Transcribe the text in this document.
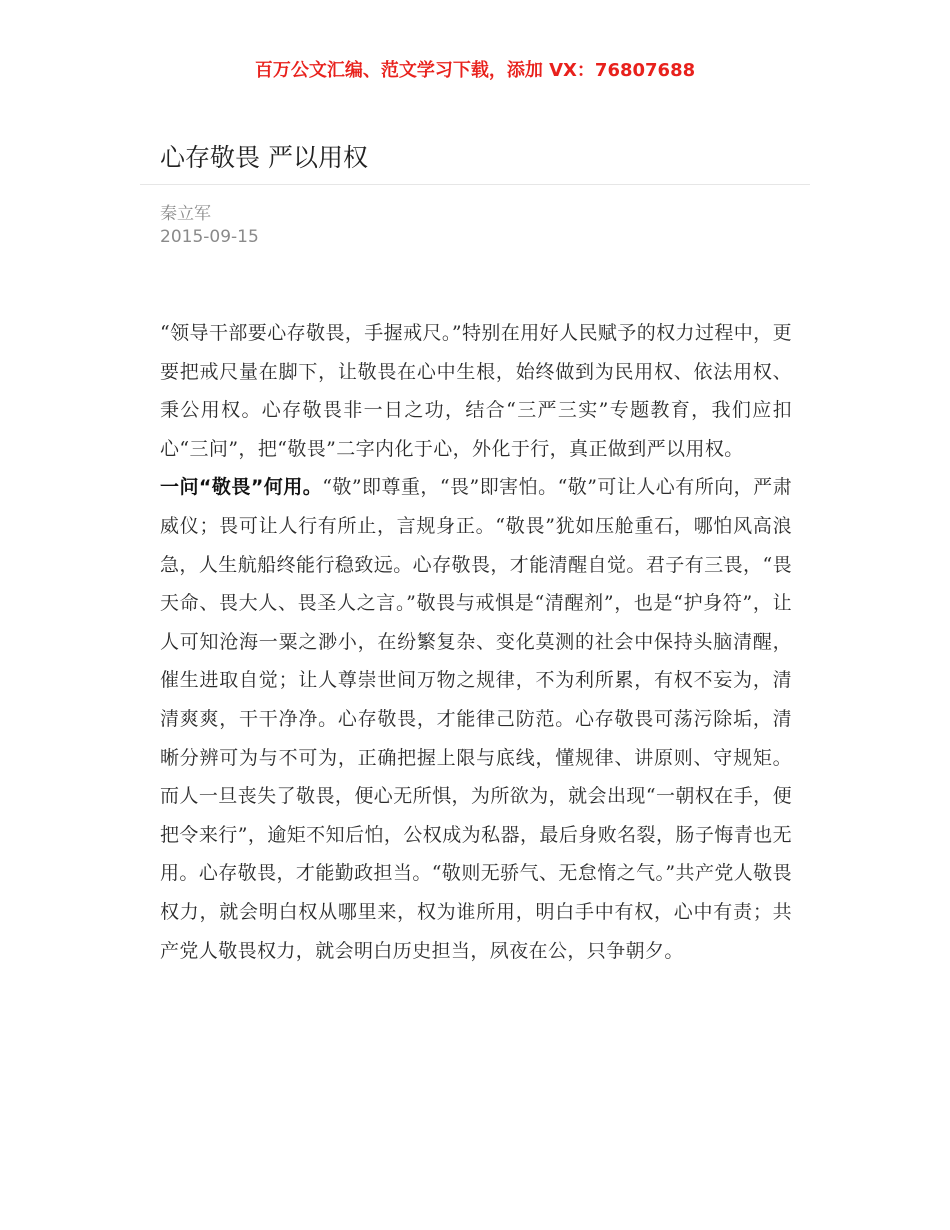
百万公文汇编、范文学习下载，添加 VX：76807688
心存敬畏 严以用权
秦立军
2015-09-15

“领导干部要心存敬畏，手握戒尺。”特别在用好人民赋予的权力过程中，更要把戒尺量在脚下，让敬畏在心中生根，始终做到为民用权、依法用权、秉公用权。心存敬畏非一日之功，结合“三严三实”专题教育，我们应扣心“三问”，把“敬畏”二字内化于心，外化于行，真正做到严以用权。

一问“敬畏”何用。“敬”即尊重，“畏”即害怕。“敬”可让人心有所向，严肃威仪；畏可让人行有所止，言规身正。“敬畏”犹如压舱重石，哪怕风高浪急，人生航船终能行稳致远。心存敬畏，才能清醒自觉。君子有三畏，“畏天命、畏大人、畏圣人之言。”敬畏与戒惧是“清醒剂”，也是“护身符”，让人可知沧海一粟之渺小，在纷繁复杂、变化莫测的社会中保持头脑清醒，催生进取自觉；让人尊崇世间万物之规律，不为利所累，有权不妄为，清清爽爽，干干净净。心存敬畏，才能律己防范。心存敬畏可荡污除垢，清晰分辨可为与不可为，正确把握上限与底线，懂规律、讲原则、守规矩。而人一旦丧失了敬畏，便心无所惧，为所欲为，就会出现“一朝权在手，便把令来行”，逾矩不知后怕，公权成为私器，最后身败名裂，肠子悔青也无用。心存敬畏，才能勤政担当。“敬则无骄气、无怠惰之气。”共产党人敬畏权力，就会明白权从哪里来，权为谁所用，明白手中有权，心中有责；共产党人敬畏权力，就会明白历史担当，夙夜在公，只争朝夕。
